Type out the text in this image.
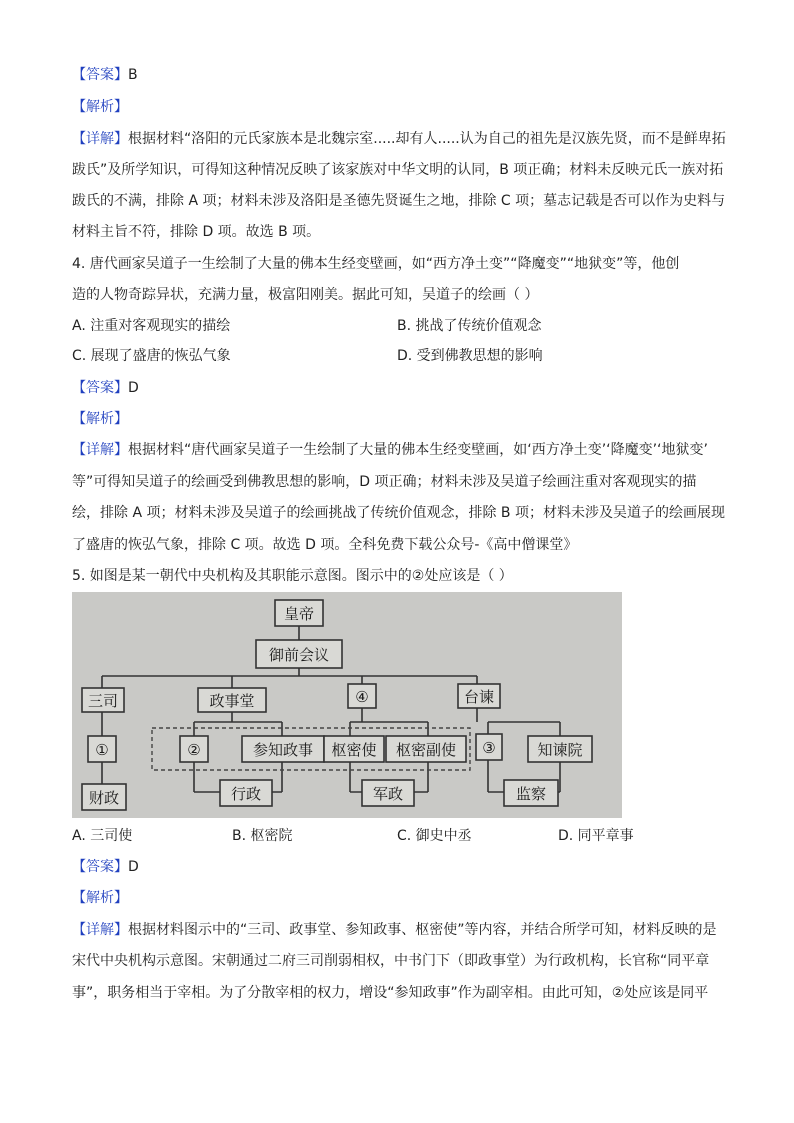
【答案】B
【解析】
【详解】根据材料“洛阳的元氏家族本是北魏宗室.....却有人.....认为自己的祖先是汉族先贤，而不是鲜卑拓
跋氏”及所学知识，可得知这种情况反映了该家族对中华文明的认同，B 项正确；材料未反映元氏一族对拓
跋氏的不满，排除 A 项；材料未涉及洛阳是圣德先贤诞生之地，排除 C 项；墓志记载是否可以作为史料与
材料主旨不符，排除 D 项。故选 B 项。
4. 唐代画家吴道子一生绘制了大量的佛本生经变壁画，如“西方净土变”“降魔变”“地狱变”等，他创
造的人物奇踪异状，充满力量，极富阳刚美。据此可知，吴道子的绘画（ ）
A. 注重对客观现实的描绘	B. 挑战了传统价值观念
C. 展现了盛唐的恢弘气象	D. 受到佛教思想的影响
【答案】D
【解析】
【详解】根据材料“唐代画家吴道子一生绘制了大量的佛本生经变壁画，如‘西方净土变’‘降魔变’‘地狱变’
等”可得知吴道子的绘画受到佛教思想的影响，D 项正确；材料未涉及吴道子绘画注重对客观现实的描
绘，排除 A 项；材料未涉及吴道子的绘画挑战了传统价值观念，排除 B 项；材料未涉及吴道子的绘画展现
了盛唐的恢弘气象，排除 C 项。故选 D 项。全科免费下载公众号-《高中僧课堂》
5. 如图是某一朝代中央机构及其职能示意图。图示中的②处应该是（ ）
皇帝
御前会议
三司	政事堂	④	台谏
①	②	参知政事 枢密使 枢密副使 ③	知谏院
财政	行政	军政	监察
A. 三司使	B. 枢密院	C. 御史中丞	D. 同平章事
【答案】D
【解析】
【详解】根据材料图示中的“三司、政事堂、参知政事、枢密使”等内容，并结合所学可知，材料反映的是
宋代中央机构示意图。宋朝通过二府三司削弱相权，中书门下（即政事堂）为行政机构，长官称“同平章
事”，职务相当于宰相。为了分散宰相的权力，增设“参知政事”作为副宰相。由此可知，②处应该是同平
